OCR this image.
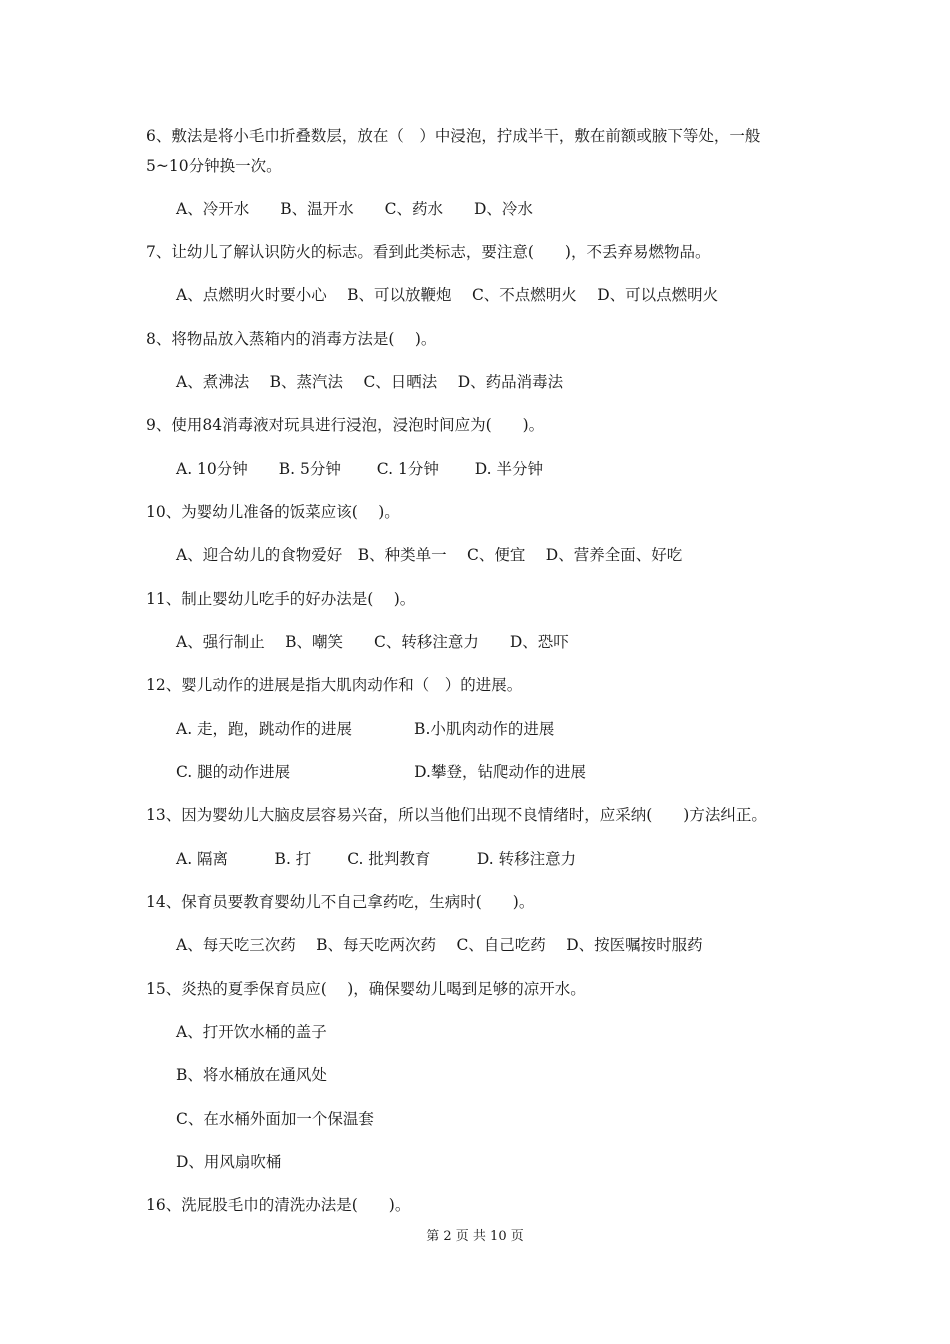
6、敷法是将小毛巾折叠数层，放在（　）中浸泡，拧成半干，敷在前额或腋下等处，一般
5~10分钟换一次。
A、冷开水　　B、温开水　　C、药水　　D、冷水
7、让幼儿了解认识防火的标志。看到此类标志，要注意(　　)，不丢弃易燃物品。
A、点燃明火时要小心　 B、可以放鞭炮　 C、不点燃明火　 D、可以点燃明火
8、将物品放入蒸箱内的消毒方法是(　 )。
A、煮沸法　 B、蒸汽法　 C、日晒法　 D、药品消毒法
9、使用84消毒液对玩具进行浸泡，浸泡时间应为(　　)。
A. 10分钟　　B. 5分钟　　 C. 1分钟　　 D. 半分钟
10、为婴幼儿准备的饭菜应该(　 )。
A、迎合幼儿的食物爱好　B、种类单一　 C、便宜　 D、营养全面、好吃
11、制止婴幼儿吃手的好办法是(　 )。
A、强行制止　 B、嘲笑　　C、转移注意力　　D、恐吓
12、婴儿动作的进展是指大肌肉动作和（　）的进展。
A. 走，跑，跳动作的进展　　　　B.小肌肉动作的进展
C. 腿的动作进展　　　　　　　　D.攀登，钻爬动作的进展
13、因为婴幼儿大脑皮层容易兴奋，所以当他们出现不良情绪时，应采纳(　　)方法纠正。
A. 隔离　　　B. 打　　 C. 批判教育　　　D. 转移注意力
14、保育员要教育婴幼儿不自己拿药吃，生病时(　　)。
A、每天吃三次药　 B、每天吃两次药　 C、自己吃药　 D、按医嘱按时服药
15、炎热的夏季保育员应(　 )，确保婴幼儿喝到足够的凉开水。
A、打开饮水桶的盖子
B、将水桶放在通风处
C、在水桶外面加一个保温套
D、用风扇吹桶
16、洗屁股毛巾的清洗办法是(　　)。
第 2 页 共 10 页
